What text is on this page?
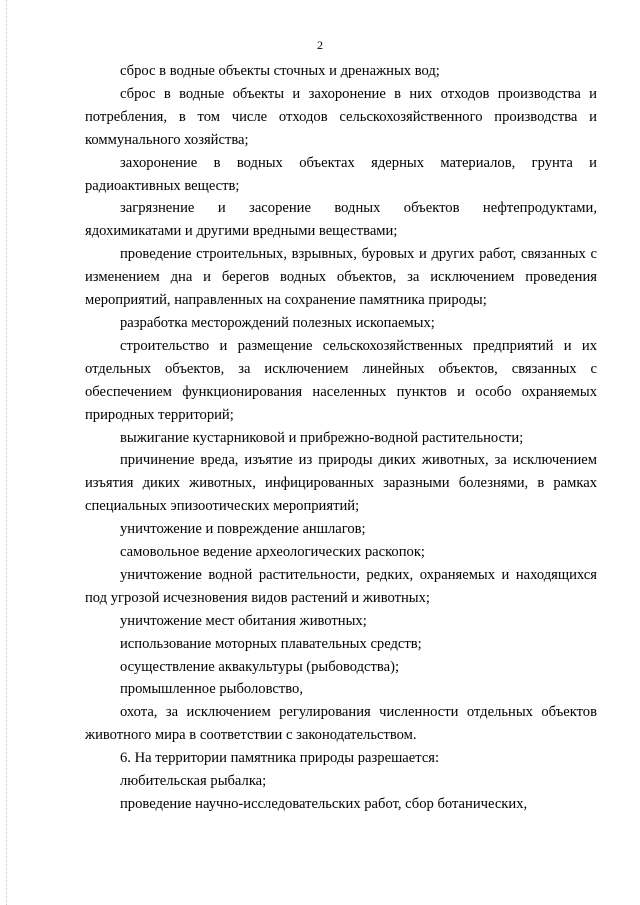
2

сброс в водные объекты сточных и дренажных вод;

сброс в водные объекты и захоронение в них отходов производства и потребления, в том числе отходов сельскохозяйственного производства и коммунального хозяйства;

захоронение в водных объектах ядерных материалов, грунта и радиоактивных веществ;

загрязнение и засорение водных объектов нефтепродуктами, ядохимикатами и другими вредными веществами;

проведение строительных, взрывных, буровых и других работ, связанных с изменением дна и берегов водных объектов, за исключением проведения мероприятий, направленных на сохранение памятника природы;

разработка месторождений полезных ископаемых;

строительство и размещение сельскохозяйственных предприятий и их отдельных объектов, за исключением линейных объектов, связанных с обеспечением функционирования населенных пунктов и особо охраняемых природных территорий;

выжигание кустарниковой и прибрежно-водной растительности;

причинение вреда, изъятие из природы диких животных, за исключением изъятия диких животных, инфицированных заразными болезнями, в рамках специальных эпизоотических мероприятий;

уничтожение и повреждение аншлагов;

самовольное ведение археологических раскопок;

уничтожение водной растительности, редких, охраняемых и находящихся под угрозой исчезновения видов растений и животных;

уничтожение мест обитания животных;

использование моторных плавательных средств;

осуществление аквакультуры (рыбоводства);

промышленное рыболовство,

охота, за исключением регулирования численности отдельных объектов животного мира в соответствии с законодательством.

6. На территории памятника природы разрешается:

любительская рыбалка;

проведение научно-исследовательских работ, сбор ботанических,
